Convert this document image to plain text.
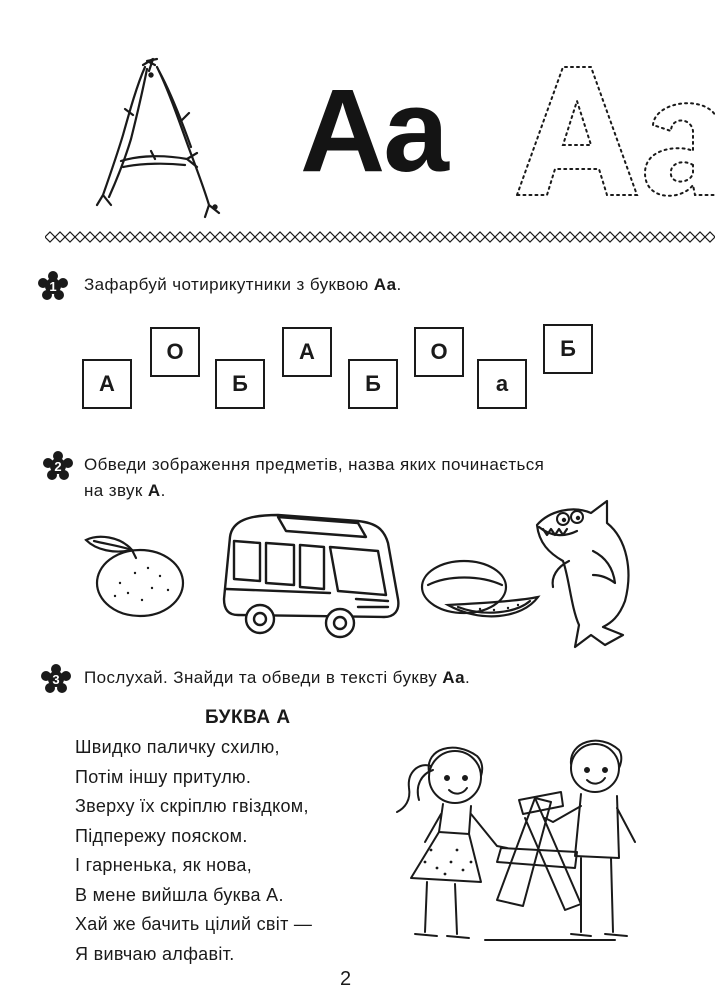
Aa
1 Зафарбуй чотирикутники з буквою Аа.
А
О
Б
А
Б
О
а
Б
2 Обведи зображення предметів, назва яких починається
на звук А.
3 Послухай. Знайди та обведи в тексті букву Аа.
БУКВА А
Швидко паличку схилю,
Потім іншу притулю.
Зверху їх скріплю гвіздком,
Підпережу пояском.
І гарненька, як нова,
В мене вийшла буква А.
Хай же бачить цілий світ —
Я вивчаю алфавіт.
2
